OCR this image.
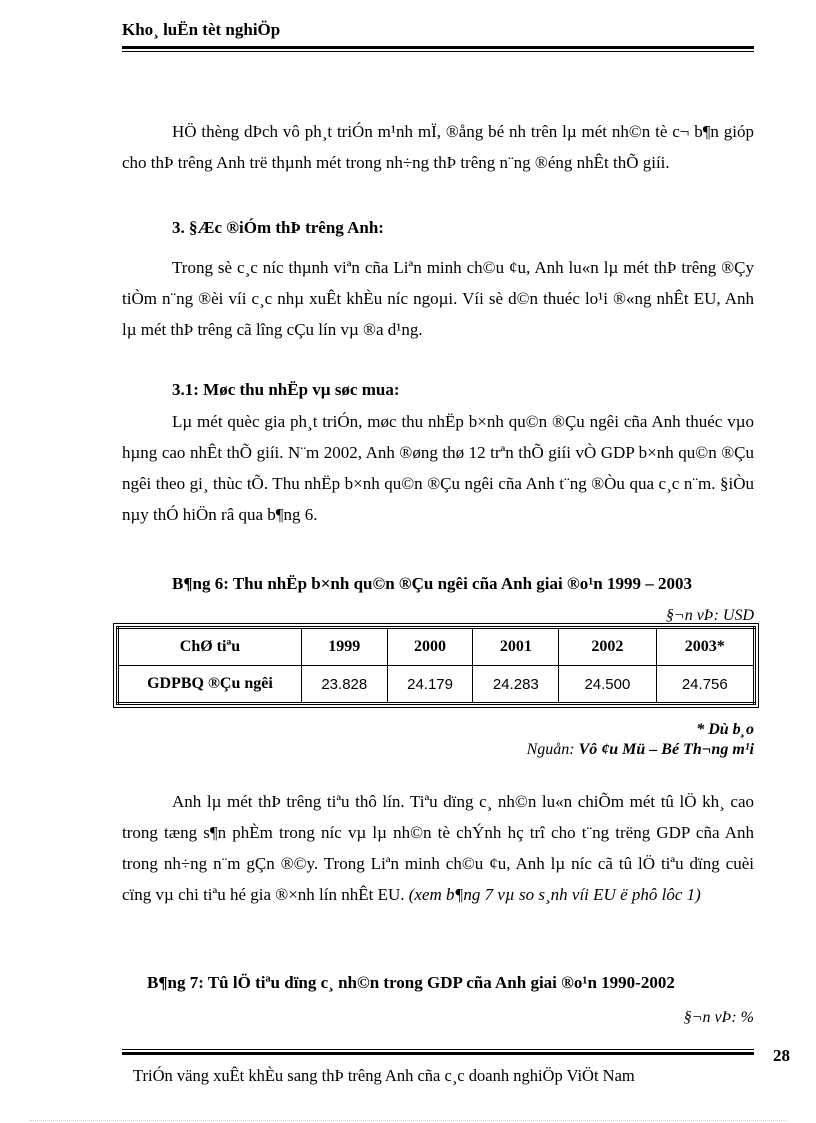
Kho¸ luËn tèt nghiÖp

HÖ thèng dÞch vô ph¸t triÓn m¹nh mÏ, ®ång bé nh trên lµ mét nh©n tè c¬ b¶n gióp cho thÞ trêng Anh trë thµnh mét trong nh÷ng thÞ trêng n¨ng ®éng nhÊt thÕ giíi.

3. §Æc ®iÓm thÞ trêng Anh:

Trong sè c¸c níc thµnh viªn cña Liªn minh ch©u ¢u, Anh lu«n lµ mét thÞ trêng ®Çy tiÒm n¨ng ®èi víi c¸c nhµ xuÊt khÈu níc ngoµi. Víi sè d©n thuéc lo¹i ®«ng nhÊt EU, Anh lµ mét thÞ trêng cã lîng cÇu lín vµ ®a d¹ng.

3.1: Møc thu nhËp vµ søc mua:

Lµ mét quèc gia ph¸t triÓn, møc thu nhËp b×nh qu©n ®Çu ngêi cña Anh thuéc vµo hµng cao nhÊt thÕ giíi. N¨m 2002, Anh ®øng thø 12 trªn thÕ giíi vÒ GDP b×nh qu©n ®Çu ngêi theo gi¸ thùc tÕ. Thu nhËp b×nh qu©n ®Çu ngêi cña Anh t¨ng ®Òu qua c¸c n¨m. §iÒu nµy thÓ hiÖn râ qua b¶ng 6.

B¶ng 6: Thu nhËp b×nh qu©n ®Çu ngêi cña Anh giai ®o¹n 1999 – 2003
§¬n vÞ: USD
ChØ tiªu	1999	2000	2001	2002	2003*
GDPBQ ®Çu ngêi	23.828	24.179	24.283	24.500	24.756
* Dù b¸o
Nguån: Vô ¢u Mü – Bé Th¬ng m¹i

Anh lµ mét thÞ trêng tiªu thô lín. Tiªu dïng c¸ nh©n lu«n chiÕm mét tû lÖ kh¸ cao trong tæng s¶n phÈm trong níc vµ lµ nh©n tè chÝnh hç trî cho t¨ng trëng GDP cña Anh trong nh÷ng n¨m gÇn ®©y. Trong Liªn minh ch©u ¢u, Anh lµ níc cã tû lÖ tiªu dïng cuèi cïng vµ chi tiªu hé gia ®×nh lín nhÊt EU. (xem b¶ng 7 vµ so s¸nh víi EU ë phô lôc 1)

B¶ng 7: Tû lÖ tiªu dïng c¸ nh©n trong GDP cña Anh giai ®o¹n 1990-2002
§¬n vÞ: %
28
TriÓn väng xuÊt khÈu sang thÞ trêng Anh cña c¸c doanh nghiÖp ViÖt Nam
